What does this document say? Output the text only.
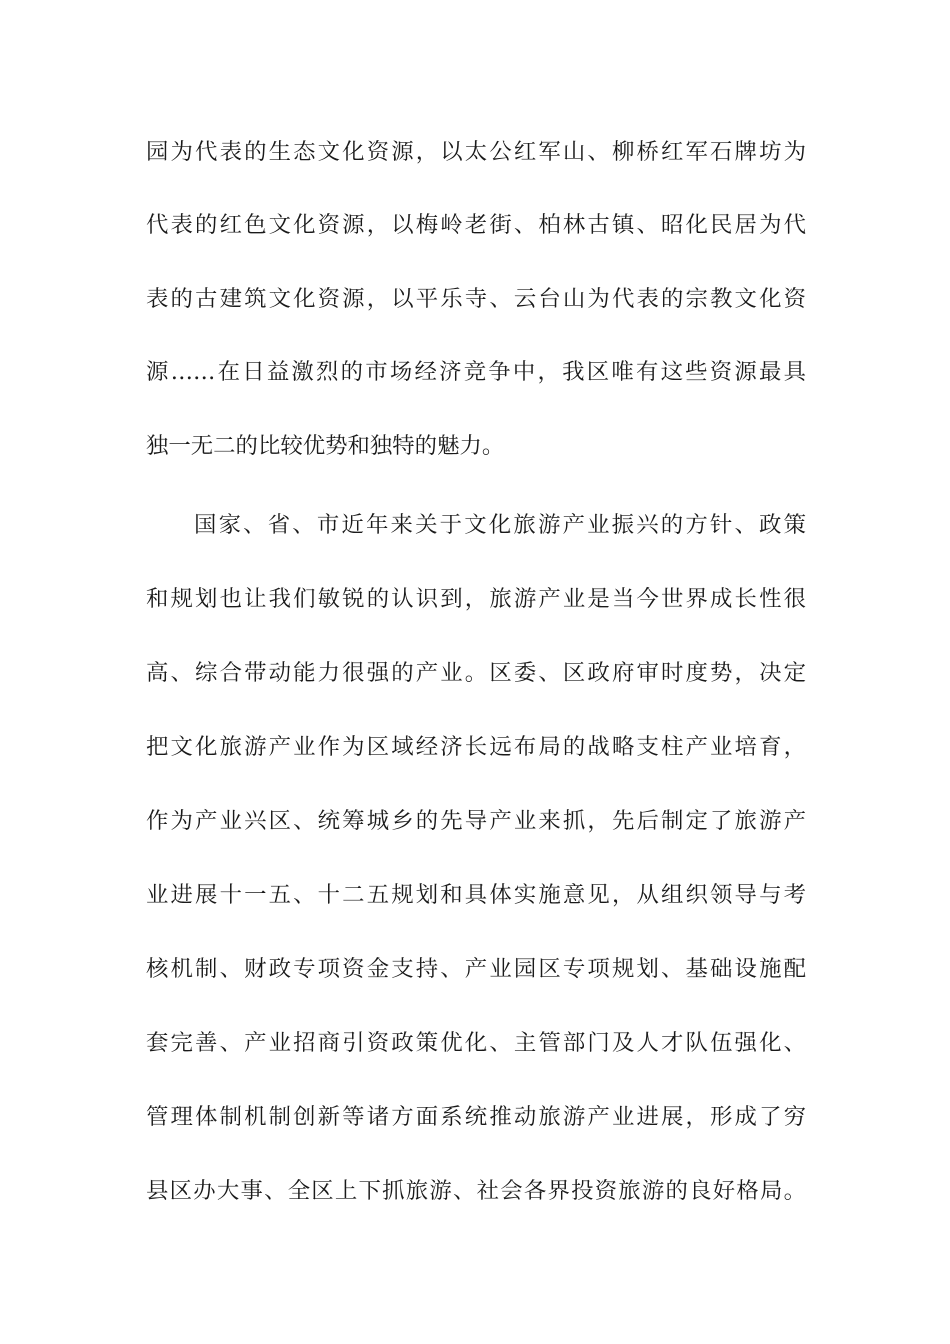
园为代表的生态文化资源，以太公红军山、柳桥红军石牌坊为
代表的红色文化资源，以梅岭老街、柏林古镇、昭化民居为代
表的古建筑文化资源，以平乐寺、云台山为代表的宗教文化资
源……在日益激烈的市场经济竞争中，我区唯有这些资源最具
独一无二的比较优势和独特的魅力。
国家、省、市近年来关于文化旅游产业振兴的方针、政策
和规划也让我们敏锐的认识到，旅游产业是当今世界成长性很
高、综合带动能力很强的产业。区委、区政府审时度势，决定
把文化旅游产业作为区域经济长远布局的战略支柱产业培育，
作为产业兴区、统筹城乡的先导产业来抓，先后制定了旅游产
业进展十一五、十二五规划和具体实施意见，从组织领导与考
核机制、财政专项资金支持、产业园区专项规划、基础设施配
套完善、产业招商引资政策优化、主管部门及人才队伍强化、
管理体制机制创新等诸方面系统推动旅游产业进展，形成了穷
县区办大事、全区上下抓旅游、社会各界投资旅游的良好格局。
